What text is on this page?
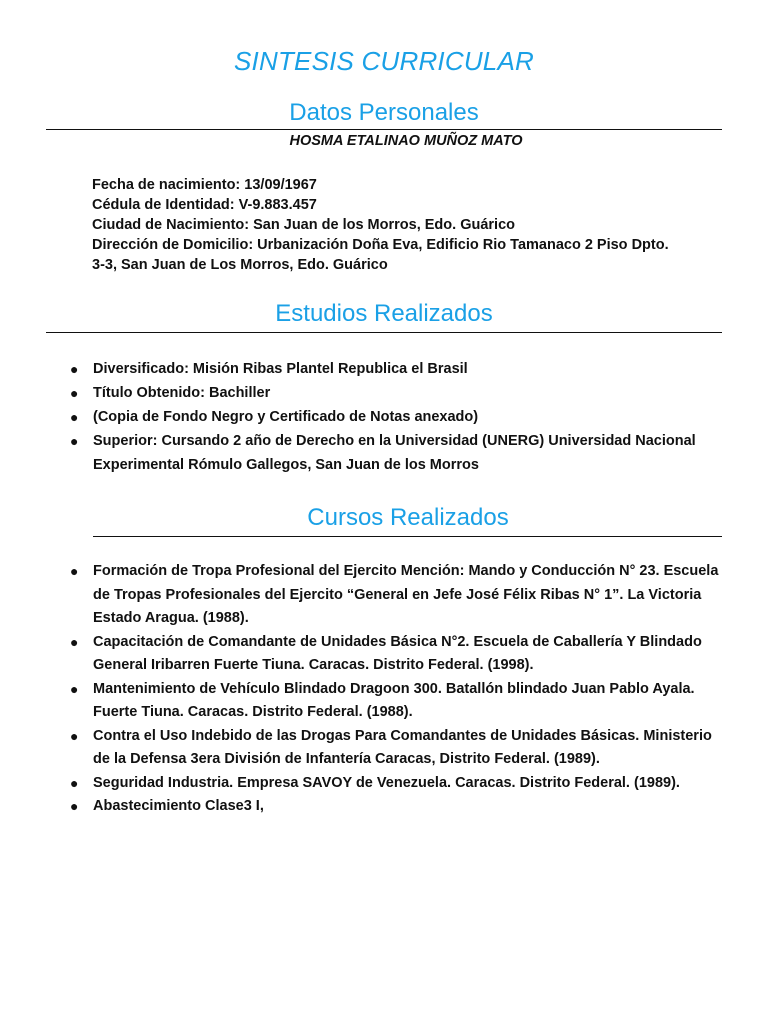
SINTESIS CURRICULAR
Datos Personales
HOSMA ETALINAO MUÑOZ MATO
Fecha de nacimiento: 13/09/1967
Cédula de Identidad: V-9.883.457
Ciudad de Nacimiento: San Juan de los Morros, Edo. Guárico
Dirección de Domicilio: Urbanización Doña Eva, Edificio Rio Tamanaco 2 Piso Dpto.
3-3, San Juan de Los Morros, Edo. Guárico
Estudios Realizados
● Diversificado: Misión Ribas Plantel Republica el Brasil
● Título Obtenido: Bachiller
● (Copia de Fondo Negro y Certificado de Notas anexado)
● Superior: Cursando 2 año de Derecho en la Universidad (UNERG) Universidad Nacional Experimental Rómulo Gallegos, San Juan de los Morros
Cursos Realizados
● Formación de Tropa Profesional del Ejercito Mención: Mando y Conducción N° 23. Escuela de Tropas Profesionales del Ejercito “General en Jefe José Félix Ribas N° 1”. La Victoria Estado Aragua. (1988).
● Capacitación de Comandante de Unidades Básica N°2. Escuela de Caballería Y Blindado General Iribarren Fuerte Tiuna. Caracas. Distrito Federal. (1998).
● Mantenimiento de Vehículo Blindado Dragoon 300. Batallón blindado Juan Pablo Ayala. Fuerte Tiuna. Caracas. Distrito Federal. (1988).
● Contra el Uso Indebido de las Drogas Para Comandantes de Unidades Básicas. Ministerio de la Defensa 3era División de Infantería Caracas, Distrito Federal. (1989).
● Seguridad Industria. Empresa SAVOY de Venezuela. Caracas. Distrito Federal. (1989).
● Abastecimiento Clase3 I,
